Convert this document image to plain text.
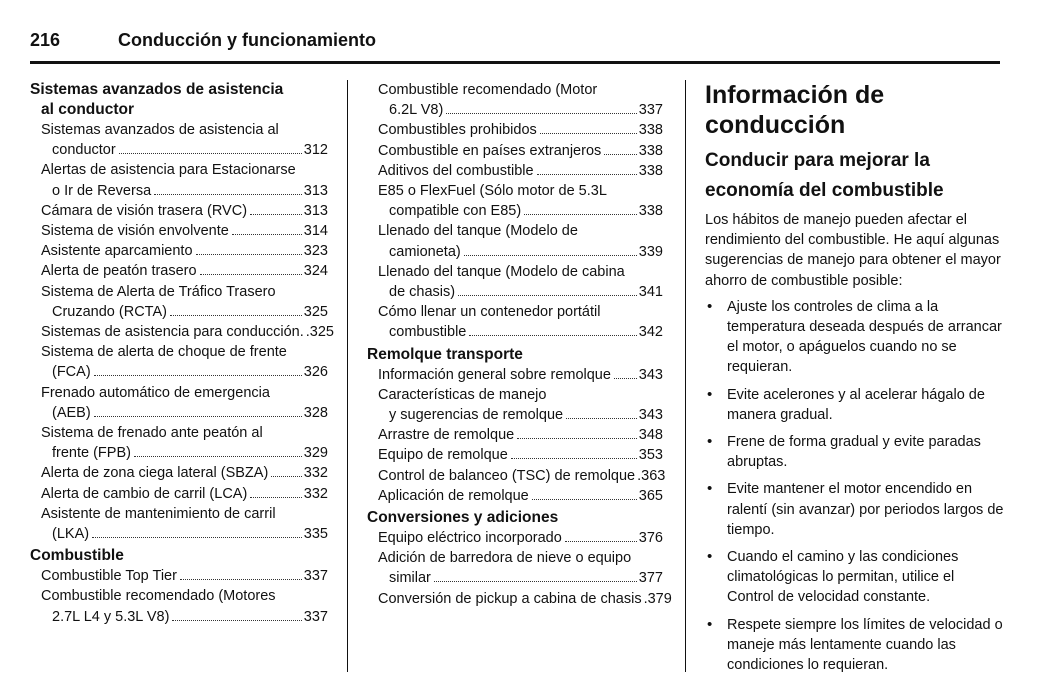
216	Conducción y funcionamiento
Sistemas avanzados de asistencia
al conductor
Sistemas avanzados de asistencia al
conductor	312
Alertas de asistencia para Estacionarse
o Ir de Reversa	313
Cámara de visión trasera (RVC)	313
Sistema de visión envolvente	314
Asistente aparcamiento	323
Alerta de peatón trasero	324
Sistema de Alerta de Tráfico Trasero
Cruzando (RCTA)	325
Sistemas de asistencia para conducción. .325
Sistema de alerta de choque de frente
(FCA)	326
Frenado automático de emergencia
(AEB)	328
Sistema de frenado ante peatón al
frente (FPB)	329
Alerta de zona ciega lateral (SBZA) 332
Alerta de cambio de carril (LCA)	332
Asistente de mantenimiento de carril
(LKA)	335
Combustible
Combustible Top Tier	337
Combustible recomendado (Motores
2.7L L4 y 5.3L V8)	337
Combustible recomendado (Motor
6.2L V8)	337
Combustibles prohibidos	338
Combustible en países extranjeros	338
Aditivos del combustible	338
E85 o FlexFuel (Sólo motor de 5.3L
compatible con E85)	338
Llenado del tanque (Modelo de
camioneta)	339
Llenado del tanque (Modelo de cabina
de chasis)	341
Cómo llenar un contenedor portátil
combustible	342
Remolque transporte
Información general sobre remolque 343
Características de manejo
y sugerencias de remolque	343
Arrastre de remolque	348
Equipo de remolque	353
Control de balanceo (TSC) de remolque .363
Aplicación de remolque	365
Conversiones y adiciones
Equipo eléctrico incorporado	376
Adición de barredora de nieve o equipo
similar	377
Conversión de pickup a cabina de chasis .379
Información de conducción
Conducir para mejorar la
economía del combustible

Los hábitos de manejo pueden afectar el rendimiento del combustible. He aquí algunas sugerencias de manejo para obtener el mayor ahorro de combustible posible:

• Ajuste los controles de clima a la temperatura deseada después de arrancar el motor, o apáguelos cuando no se requieran.
• Evite acelerones y al acelerar hágalo de manera gradual.
• Frene de forma gradual y evite paradas abruptas.
• Evite mantener el motor encendido en ralentí (sin avanzar) por periodos largos de tiempo.
• Cuando el camino y las condiciones climatológicas lo permitan, utilice el Control de velocidad constante.
• Respete siempre los límites de velocidad o maneje más lentamente cuando las condiciones lo requieran.
